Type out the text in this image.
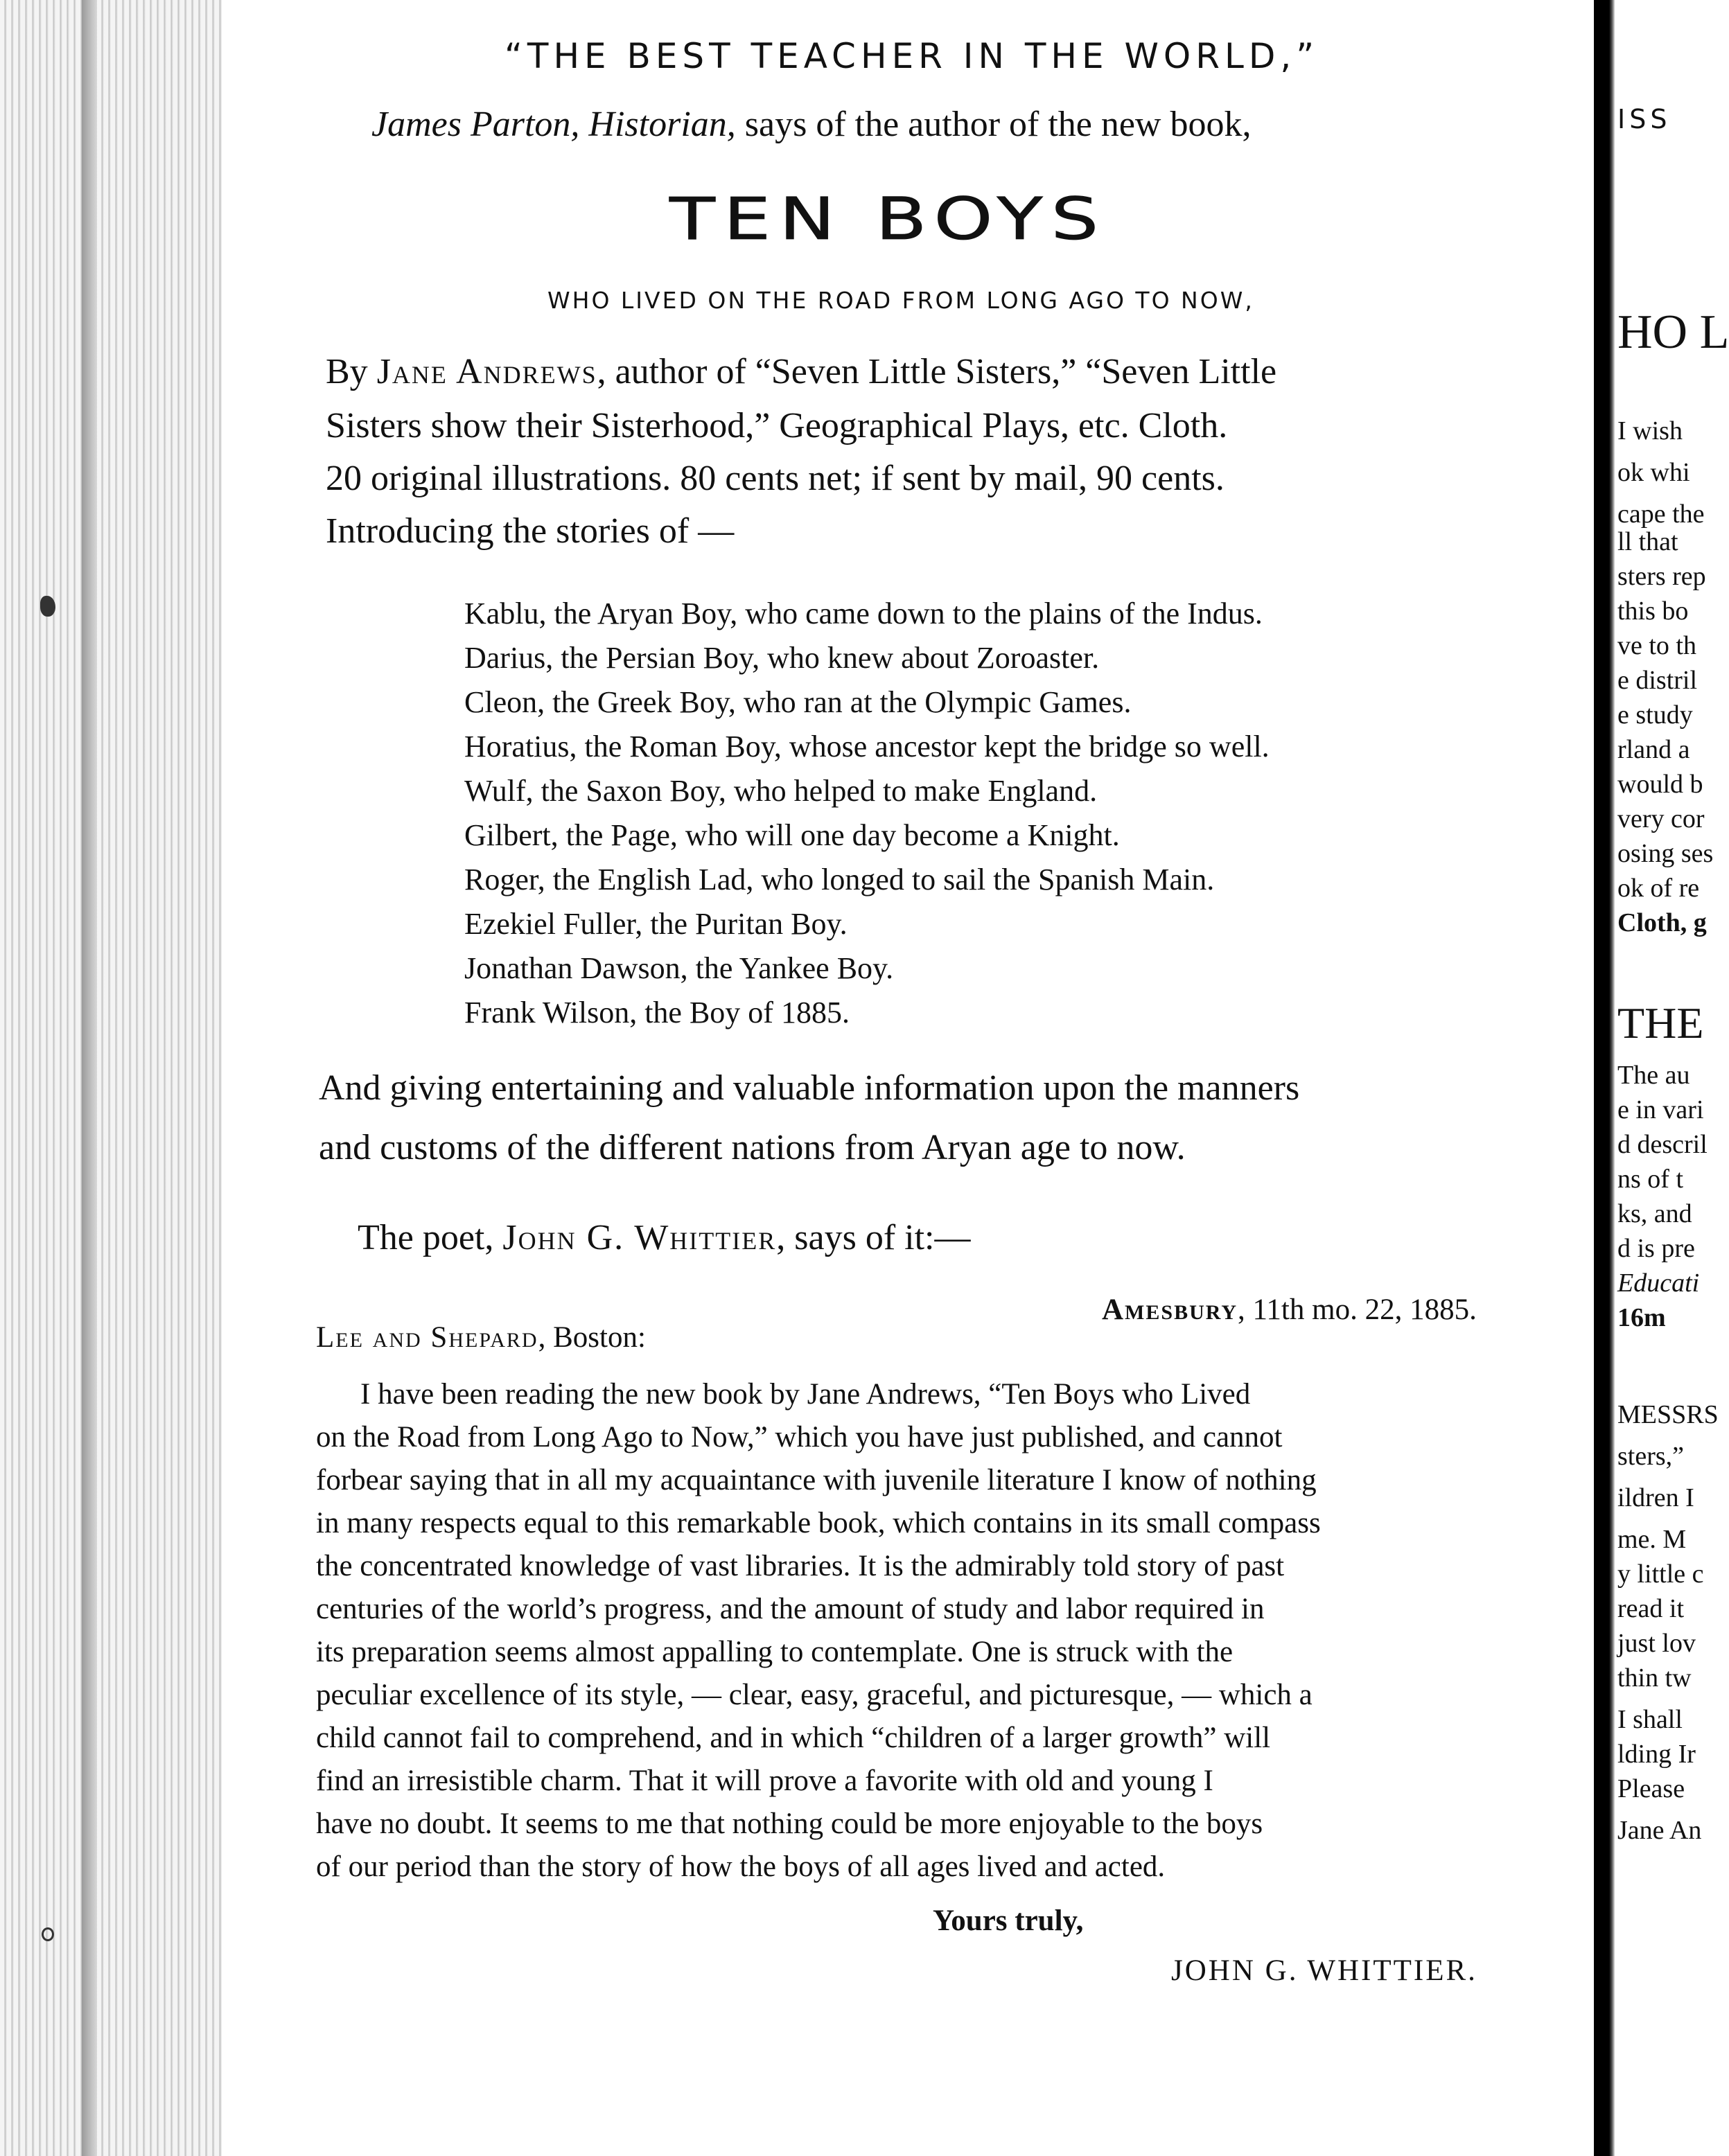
“THE BEST TEACHER IN THE WORLD,”
James Parton, Historian, says of the author of the new book,
TEN BOYS
WHO LIVED ON THE ROAD FROM LONG AGO TO NOW,
By Jane Andrews, author of “Seven Little Sisters,” “Seven Little
Sisters show their Sisterhood,” Geographical Plays, etc. Cloth.
20 original illustrations. 80 cents net; if sent by mail, 90 cents.
Introducing the stories of —
Kablu, the Aryan Boy, who came down to the plains of the Indus.
Darius, the Persian Boy, who knew about Zoroaster.
Cleon, the Greek Boy, who ran at the Olympic Games.
Horatius, the Roman Boy, whose ancestor kept the bridge so well.
Wulf, the Saxon Boy, who helped to make England.
Gilbert, the Page, who will one day become a Knight.
Roger, the English Lad, who longed to sail the Spanish Main.
Ezekiel Fuller, the Puritan Boy.
Jonathan Dawson, the Yankee Boy.
Frank Wilson, the Boy of 1885.
And giving entertaining and valuable information upon the manners
and customs of the different nations from Aryan age to now.
The poet, John G. Whittier, says of it:—
Amesbury, 11th mo. 22, 1885.
Lee and Shepard, Boston:
I have been reading the new book by Jane Andrews, “Ten Boys who Lived
on the Road from Long Ago to Now,” which you have just published, and cannot
forbear saying that in all my acquaintance with juvenile literature I know of nothing
in many respects equal to this remarkable book, which contains in its small compass
the concentrated knowledge of vast libraries. It is the admirably told story of past
centuries of the world’s progress, and the amount of study and labor required in
its preparation seems almost appalling to contemplate. One is struck with the
peculiar excellence of its style, — clear, easy, graceful, and picturesque, — which a
child cannot fail to comprehend, and in which “children of a larger growth” will
find an irresistible charm. That it will prove a favorite with old and young I
have no doubt. It seems to me that nothing could be more enjoyable to the boys
of our period than the story of how the boys of all ages lived and acted.
Yours truly,
JOHN G. WHITTIER.
ISS
HO L
I wish
ok whi
cape the
ll that
sters rep
this bo
ve to th
e distril
e study
rland a
would b
very cor
osing ses
ok of re
Cloth, g
THE
The au
e in vari
d descril
ns of t
ks, and
d is pre
Educati
16m
MESSRS
sters,”
ildren I
me. M
y little c
read it
just lov
thin tw
I shall
lding Ir
Please
Jane An
